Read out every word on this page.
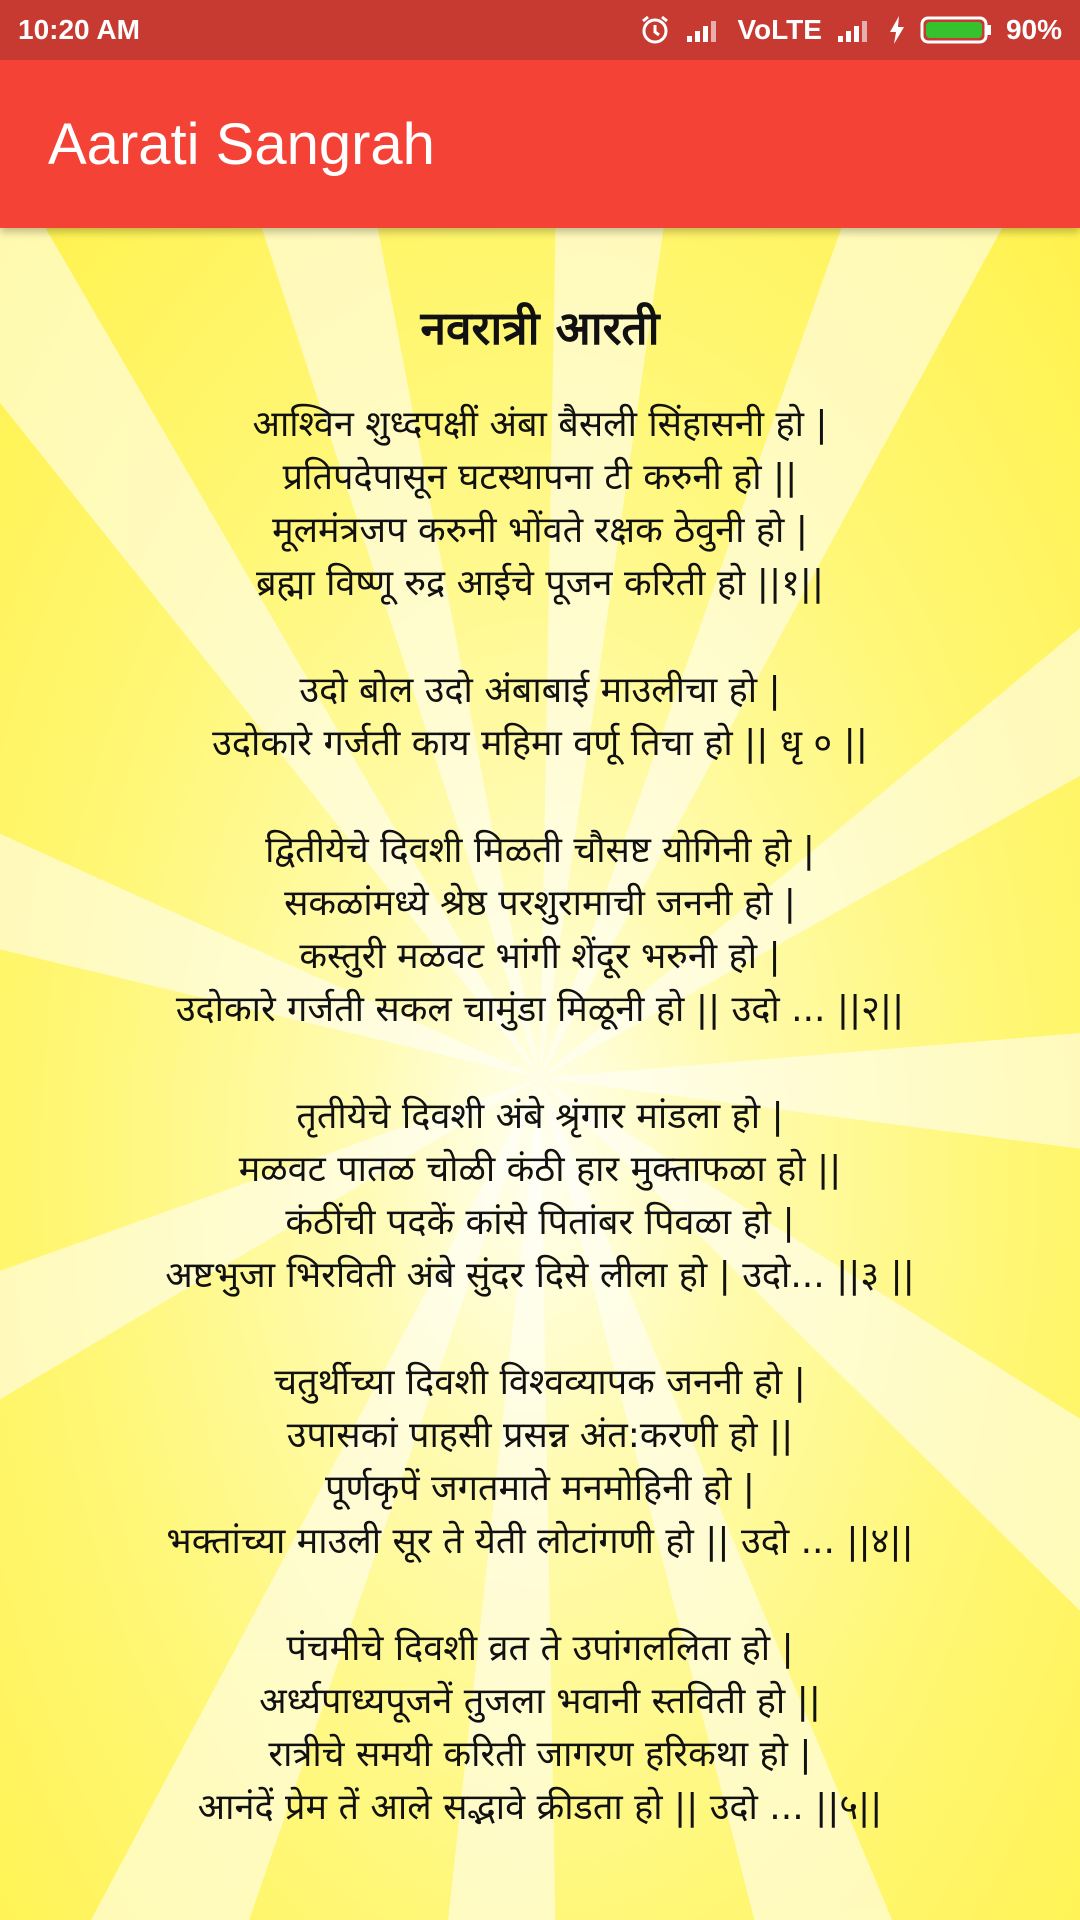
10:20 AM	VoLTE	90%
Aarati Sangrah
नवरात्री आरती
आश्विन शुध्दपक्षीं अंबा बैसली सिंहासनी हो |
प्रतिपदेपासून घटस्थापना टी करुनी हो ||
मूलमंत्रजप करुनी भोंवते रक्षक ठेवुनी हो |
ब्रह्मा विष्णू रुद्र आईचे पूजन करिती हो ||१||
उदो बोल उदो अंबाबाई माउलीचा हो |
उदोकारे गर्जती काय महिमा वर्णू तिचा हो || धृ ० ||
द्वितीयेचे दिवशी मिळती चौसष्ट योगिनी हो |
सकळांमध्ये श्रेष्ठ परशुरामाची जननी हो |
कस्तुरी मळवट भांगी शेंदूर भरुनी हो |
उदोकारे गर्जती सकल चामुंडा मिळूनी हो || उदो ... ||२||
तृतीयेचे दिवशी अंबे श्रृंगार मांडला हो |
मळवट पातळ चोळी कंठी हार मुक्ताफळा हो ||
कंठींची पदकें कांसे पितांबर पिवळा हो |
अष्टभुजा भिरविती अंबे सुंदर दिसे लीला हो | उदो... ||३ ||
चतुर्थीच्या दिवशी विश्वव्यापक जननी हो |
उपासकां पाहसी प्रसन्न अंत:करणी हो ||
पूर्णकृपें जगतमाते मनमोहिनी हो |
भक्तांच्या माउली सूर ते येती लोटांगणी हो || उदो ... ||४||
पंचमीचे दिवशी व्रत ते उपांगललिता हो |
अर्ध्यपाध्यपूजनें तुजला भवानी स्तविती हो ||
रात्रीचे समयी करिती जागरण हरिकथा हो |
आनंदें प्रेम तें आले सद्भावे क्रीडता हो || उदो ... ||५||
